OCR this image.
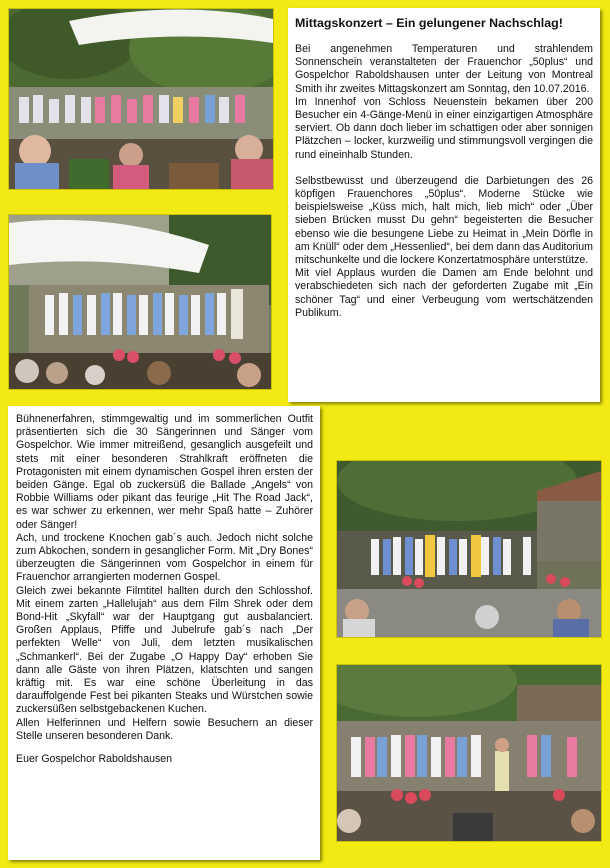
Mittagskonzert – Ein gelungener Nachschlag!

Bei angenehmen Temperaturen und strahlendem Sonnenschein veranstalteten der Frauenchor „50plus“ und Gospelchor Raboldshausen unter der Leitung von Montreal Smith ihr zweites Mittagskonzert am Sonntag, den 10.07.2016.

Im Innenhof von Schloss Neuenstein bekamen über 200 Besucher ein 4-Gänge-Menü in einer einzigartigen Atmosphäre serviert. Ob dann doch lieber im schattigen oder aber sonnigen Plätzchen – locker, kurzweilig und stimmungsvoll vergingen die rund eineinhalb Stunden.

Selbstbewusst und überzeugend die Darbietungen des 26 köpfigen Frauenchores „50plus“. Moderne Stücke wie beispielsweise „Küss mich, halt mich, lieb mich“ oder „Über sieben Brücken musst Du gehn“ begeisterten die Besucher ebenso wie die besungene Liebe zu Heimat in „Mein Dörfle in am Knüll“ oder dem „Hessenlied“, bei dem dann das Auditorium mitschunkelte und die lockere Konzertatmosphäre unterstütze.

Mit viel Applaus wurden die Damen am Ende belohnt und verabschiedeten sich nach der geforderten Zugabe mit „Ein schöner Tag“ und einer Verbeugung vom wertschätzenden Publikum.

Bühnenerfahren, stimmgewaltig und im sommerlichen Outfit präsentierten sich die 30 Sängerinnen und Sänger vom Gospelchor. Wie immer mitreißend, gesanglich ausgefeilt und stets mit einer besonderen Strahlkraft eröffneten die Protagonisten mit einem dynamischen Gospel ihren ersten der beiden Gänge. Egal ob zuckersüß die Ballade „Angels“ von Robbie Williams oder pikant das feurige „Hit The Road Jack“, es war schwer zu erkennen, wer mehr Spaß hatte – Zuhörer oder Sänger!

Ach, und trockene Knochen gab´s auch. Jedoch nicht solche zum Abkochen, sondern in gesanglicher Form. Mit „Dry Bones“ überzeugten die Sängerinnen vom Gospelchor in einem für Frauenchor arrangierten modernen Gospel.

Gleich zwei bekannte Filmtitel hallten durch den Schlosshof. Mit einem zarten „Hallelujah“ aus dem Film Shrek oder dem Bond-Hit „Skyfall“ war der Hauptgang gut ausbalanciert. Großen Applaus, Pfiffe und Jubelrufe gab´s nach „Der perfekten Welle“ von Juli, dem letzten musikalischen „Schmankerl“. Bei der Zugabe „O Happy Day“ erhoben Sie dann alle Gäste von ihren Plätzen, klatschten und sangen kräftig mit. Es war eine schöne Überleitung in das darauffolgende Fest bei pikanten Steaks und Würstchen sowie zuckersüßen selbstgebackenen Kuchen.

Allen Helferinnen und Helfern sowie Besuchern an dieser Stelle unseren besonderen Dank.

Euer Gospelchor Raboldshausen
